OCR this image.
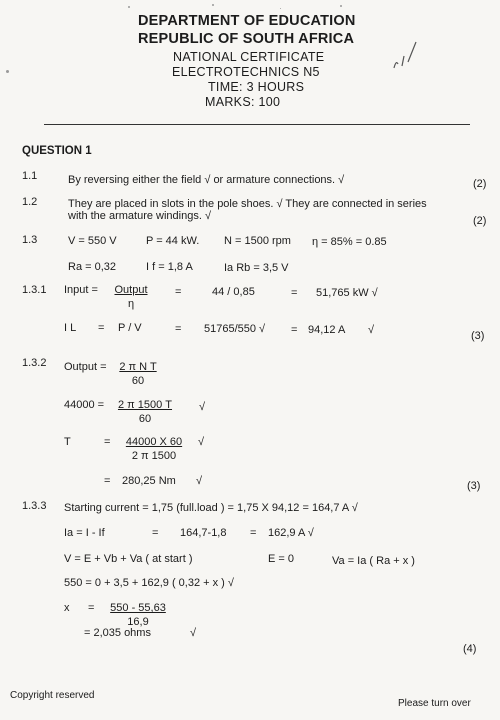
DEPARTMENT OF EDUCATION
REPUBLIC OF SOUTH AFRICA
NATIONAL CERTIFICATE
ELECTROTECHNICS N5
TIME: 3 HOURS
MARKS: 100
QUESTION 1
1.1	By reversing either the field √ or armature connections. √	(2)
1.2	They are placed in slots in the pole shoes. √ They are connected in series
with the armature windings. √	(2)
1.3	V = 550 V	P = 44 kW. N = 1500 rpm η = 85% = 0.85
Ra = 0,32	I f = 1,8 A	Ia Rb = 3,5 V
1.3.1 Input =	Output
η
=	44 / 0,85	= 51,765 kW √
I L = P / V	= 51765/550 √ = 94,12 A √	(3)
1.3.2 Output = $\frac{\text{2 π N T}}{60}$
$44000 = \frac{2 \pi 1500 T}{60}$ √
T	= $\frac{44000 X 60}{2 \pi 1500}$ √
= 280,25 Nm √	(3)
1.3.3 Starting current = 1,75 (full.load ) = 1,75 X 94,12 = 164,7 A √
Ia = I - If	= 164,7-1,8 = 162,9 A √
V = E + Vb + Va ( at start )	E = 0	Va = Ia ( Ra + x )
550 = 0 + 3,5 + 162,9 ( 0,32 + x ) √
$x = \frac{550 - 55,63}{16,9}$
= 2,035 ohms	√
(4)
Copyright reserved
Please turn over
